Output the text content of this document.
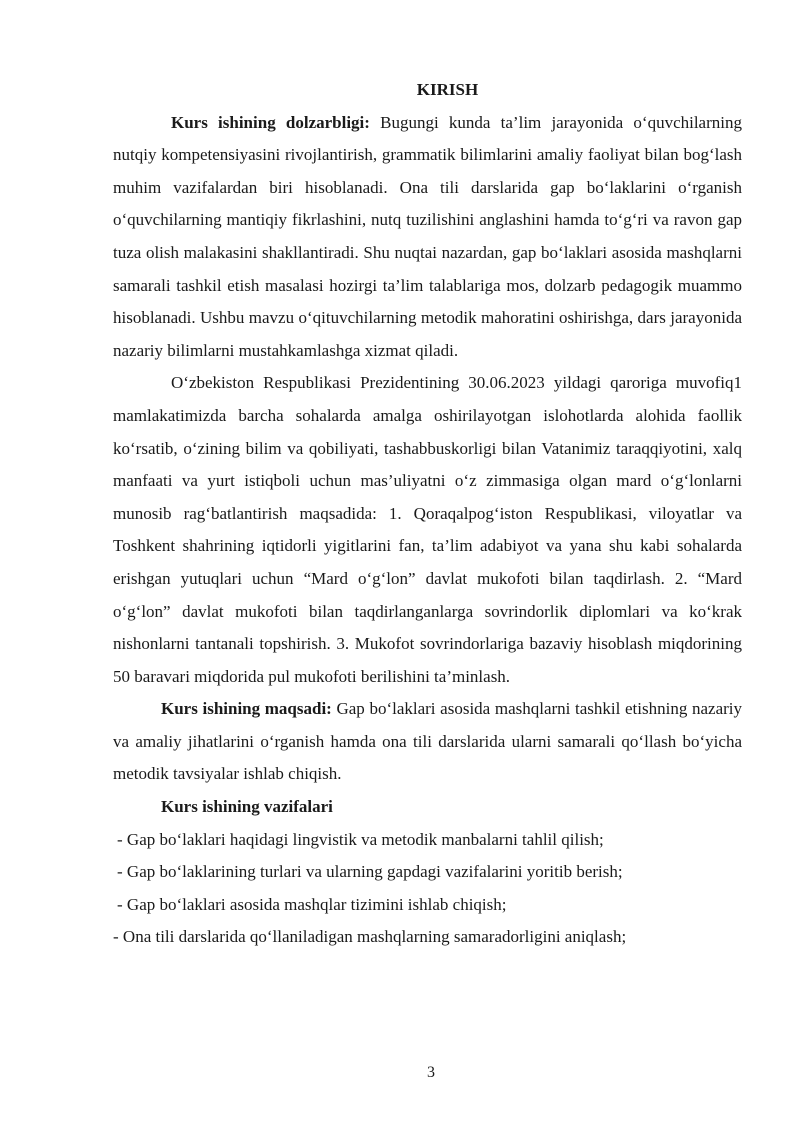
KIRISH

Kurs ishining dolzarbligi: Bugungi kunda ta’lim jarayonida o‘quvchilarning nutqiy kompetensiyasini rivojlantirish, grammatik bilimlarini amaliy faoliyat bilan bog‘lash muhim vazifalardan biri hisoblanadi. Ona tili darslarida gap bo‘laklarini o‘rganish o‘quvchilarning mantiqiy fikrlashini, nutq tuzilishini anglashini hamda to‘g‘ri va ravon gap tuza olish malakasini shakllantiradi. Shu nuqtai nazardan, gap bo‘laklari asosida mashqlarni samarali tashkil etish masalasi hozirgi ta’lim talablariga mos, dolzarb pedagogik muammo hisoblanadi. Ushbu mavzu o‘qituvchilarning metodik mahoratini oshirishga, dars jarayonida nazariy bilimlarni mustahkamlashga xizmat qiladi.

O‘zbekiston Respublikasi Prezidentining 30.06.2023 yildagi qaroriga muvofiq1 mamlakatimizda barcha sohalarda amalga oshirilayotgan islohotlarda alohida faollik ko‘rsatib, o‘zining bilim va qobiliyati, tashabbuskorligi bilan Vatanimiz taraqqiyotini, xalq manfaati va yurt istiqboli uchun mas’uliyatni o‘z zimmasiga olgan mard o‘g‘lonlarni munosib rag‘batlantirish maqsadida: 1. Qoraqalpog‘iston Respublikasi, viloyatlar va Toshkent shahrining iqtidorli yigitlarini fan, ta’lim adabiyot va yana shu kabi sohalarda erishgan yutuqlari uchun “Mard o‘g‘lon” davlat mukofoti bilan taqdirlash. 2. “Mard o‘g‘lon” davlat mukofoti bilan taqdirlanganlarga sovrindorlik diplomlari va ko‘krak nishonlarni tantanali topshirish. 3. Mukofot sovrindorlariga bazaviy hisoblash miqdorining 50 baravari miqdorida pul mukofoti berilishini ta’minlash.

Kurs ishining maqsadi: Gap bo‘laklari asosida mashqlarni tashkil etishning nazariy va amaliy jihatlarini o‘rganish hamda ona tili darslarida ularni samarali qo‘llash bo‘yicha metodik tavsiyalar ishlab chiqish.

Kurs ishining vazifalari

- Gap bo‘laklari haqidagi lingvistik va metodik manbalarni tahlil qilish;

- Gap bo‘laklarining turlari va ularning gapdagi vazifalarini yoritib berish;

- Gap bo‘laklari asosida mashqlar tizimini ishlab chiqish;

- Ona tili darslarida qo‘llaniladigan mashqlarning samaradorligini aniqlash;

3
